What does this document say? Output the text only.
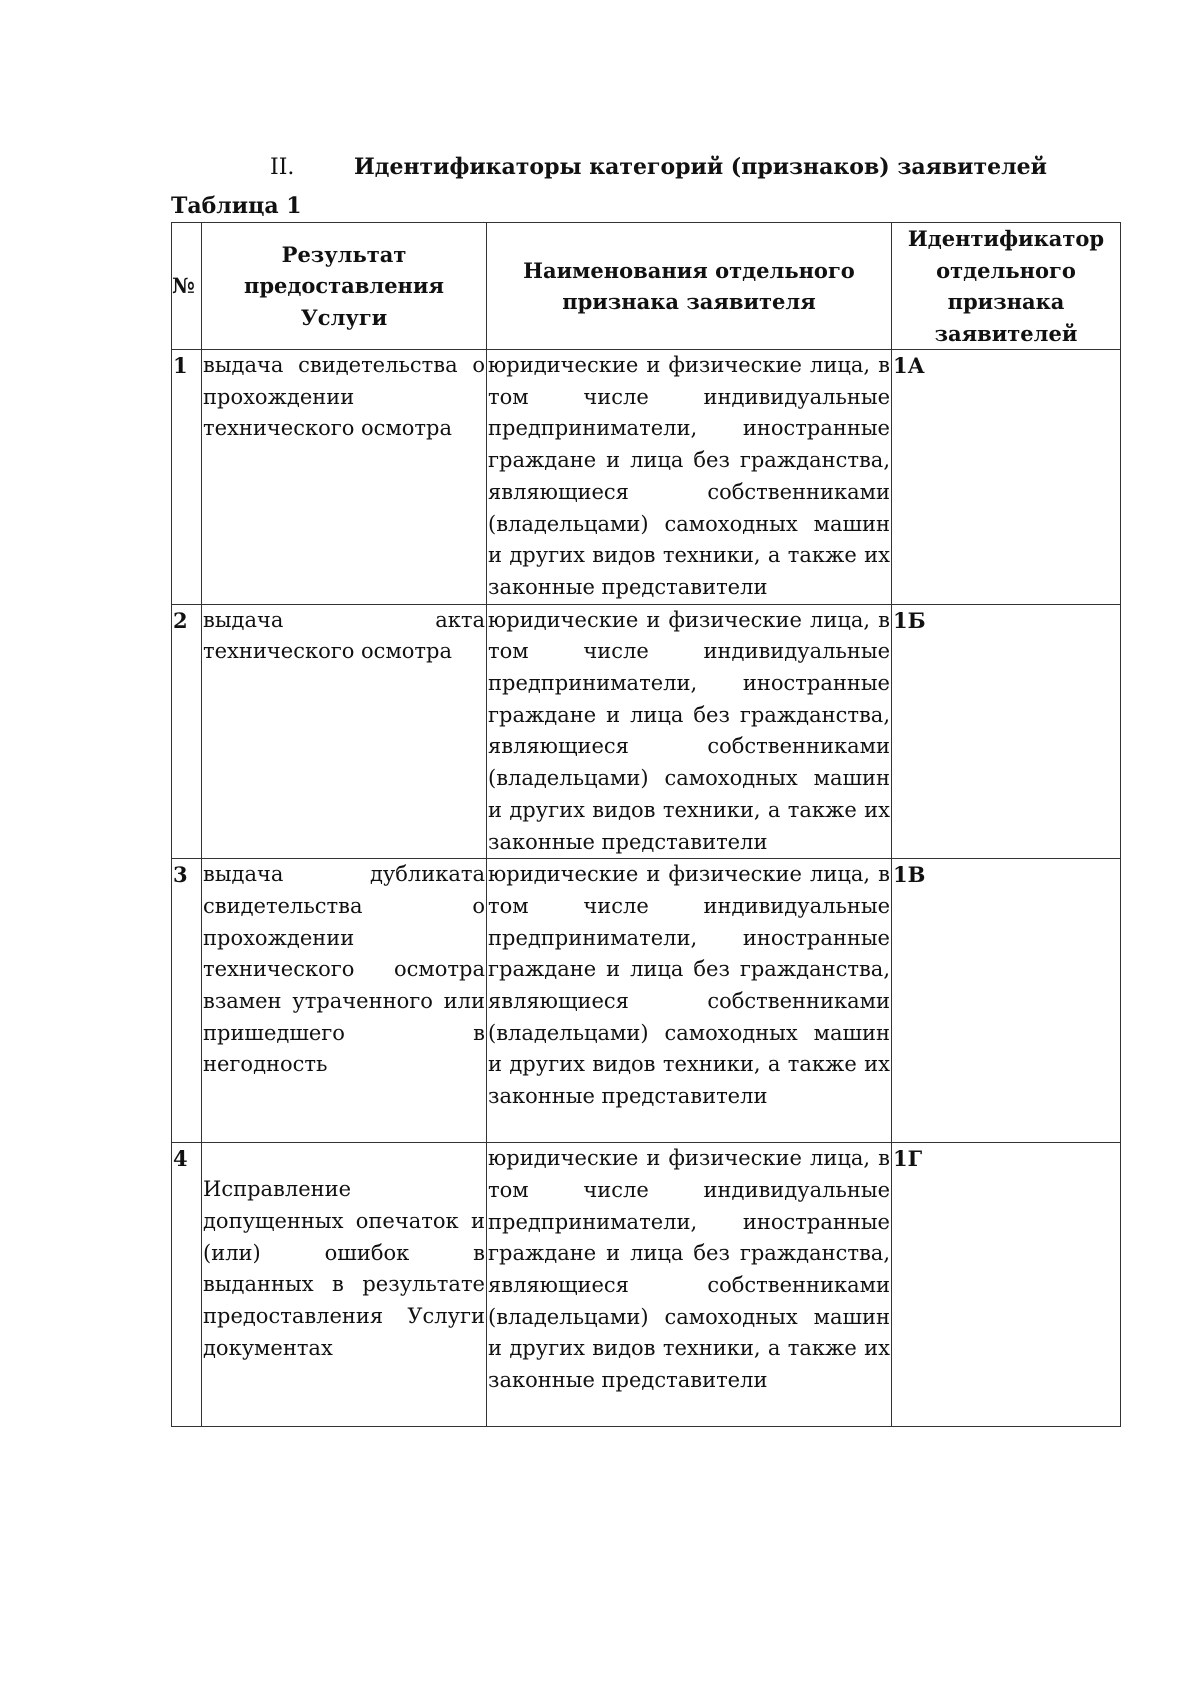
II.	Идентификаторы категорий (признаков) заявителей
Таблица 1
№	Результат предоставления Услуги	Наименования отдельного признака заявителя	Идентификатор отдельного признака заявителей
1	выдача свидетельства о прохождении технического осмотра	юридические и физические лица, в том числе индивидуальные предприниматели, иностранные граждане и лица без гражданства, являющиеся собственниками (владельцами) самоходных машин и других видов техники, а также их законные представители	1А
2	выдача акта технического осмотра	юридические и физические лица, в том числе индивидуальные предприниматели, иностранные граждане и лица без гражданства, являющиеся собственниками (владельцами) самоходных машин и других видов техники, а также их законные представители	1Б
3	выдача дубликата свидетельства о прохождении технического осмотра взамен утраченного или пришедшего в негодность	юридические и физические лица, в том числе индивидуальные предприниматели, иностранные граждане и лица без гражданства, являющиеся собственниками (владельцами) самоходных машин и других видов техники, а также их законные представители	1В
4	Исправление допущенных опечаток и (или) ошибок в выданных в результате предоставления Услуги документах	юридические и физические лица, в том числе индивидуальные предприниматели, иностранные граждане и лица без гражданства, являющиеся собственниками (владельцами) самоходных машин и других видов техники, а также их законные представители	1Г
